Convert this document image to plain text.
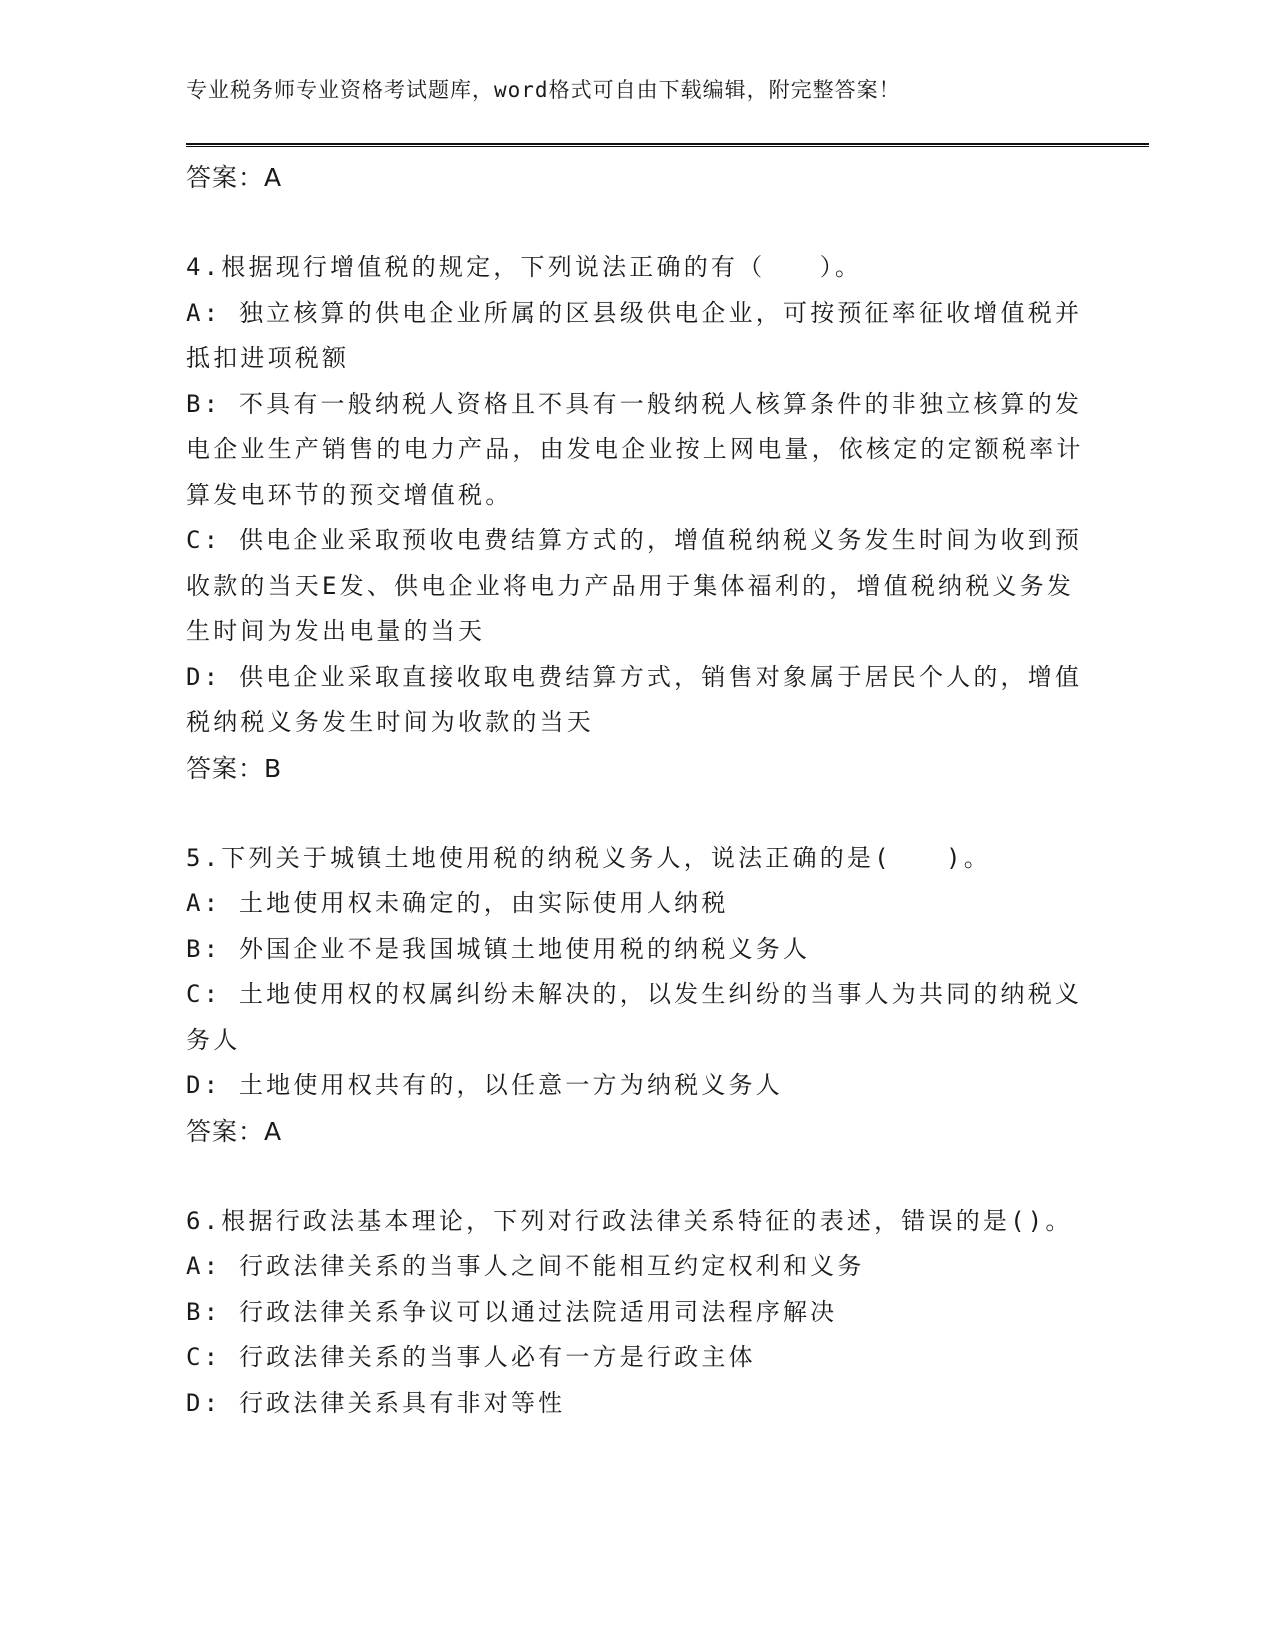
专业税务师专业资格考试题库，word格式可自由下载编辑，附完整答案！
答案：A
4.根据现行增值税的规定，下列说法正确的有（　　）。
A: 独立核算的供电企业所属的区县级供电企业，可按预征率征收增值税并抵扣进项税额
B: 不具有一般纳税人资格且不具有一般纳税人核算条件的非独立核算的发电企业生产销售的电力产品，由发电企业按上网电量，依核定的定额税率计算发电环节的预交增值税。
C: 供电企业采取预收电费结算方式的，增值税纳税义务发生时间为收到预收款的当天E发、供电企业将电力产品用于集体福利的，增值税纳税义务发生时间为发出电量的当天
D: 供电企业采取直接收取电费结算方式，销售对象属于居民个人的，增值税纳税义务发生时间为收款的当天
答案：B
5.下列关于城镇土地使用税的纳税义务人，说法正确的是(　　)。
A: 土地使用权未确定的，由实际使用人纳税
B: 外国企业不是我国城镇土地使用税的纳税义务人
C: 土地使用权的权属纠纷未解决的，以发生纠纷的当事人为共同的纳税义务人
D: 土地使用权共有的，以任意一方为纳税义务人
答案：A
6.根据行政法基本理论，下列对行政法律关系特征的表述，错误的是()。
A: 行政法律关系的当事人之间不能相互约定权利和义务
B: 行政法律关系争议可以通过法院适用司法程序解决
C: 行政法律关系的当事人必有一方是行政主体
D: 行政法律关系具有非对等性
